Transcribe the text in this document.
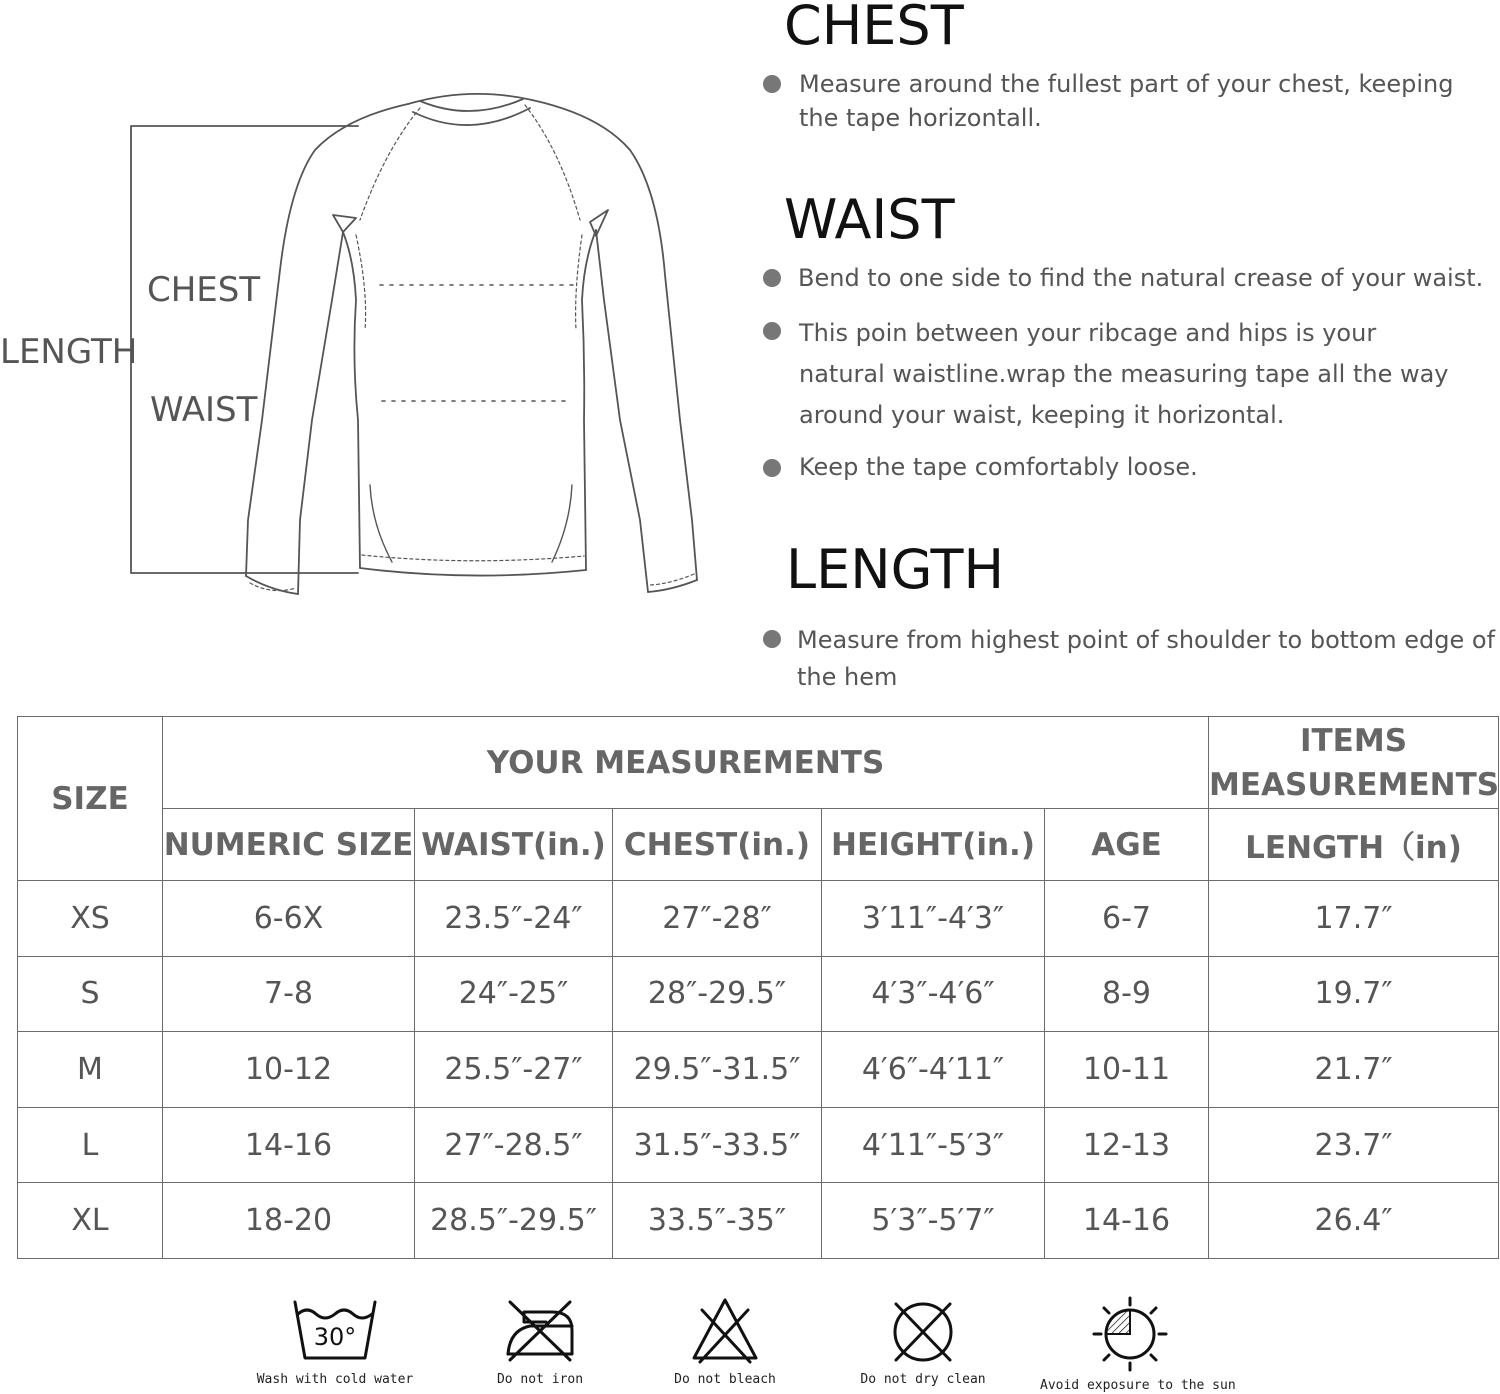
LENGTH
CHEST
WAIST
CHEST

Measure around the fullest part of your chest, keeping the tape horizontall.

WAIST

Bend to one side to find the natural crease of your waist.

This poin between your ribcage and hips is your natural waistline.wrap the measuring tape all the way around your waist, keeping it horizontal.

Keep the tape comfortably loose.

LENGTH

Measure from highest point of shoulder to bottom edge of the hem

SIZE	YOUR MEASUREMENTS					ITEMS MEASUREMENTS
	NUMERIC SIZE	WAIST(in.)	CHEST(in.)	HEIGHT(in.)	AGE	LENGTH（in)
XS	6-6X	23.5″-24″	27″-28″	3′11″-4′3″	6-7	17.7″
S	7-8	24″-25″	28″-29.5″	4′3″-4′6″	8-9	19.7″
M	10-12	25.5″-27″	29.5″-31.5″	4′6″-4′11″	10-11	21.7″
L	14-16	27″-28.5″	31.5″-33.5″	4′11″-5′3″	12-13	23.7″
XL	18-20	28.5″-29.5″	33.5″-35″	5′3″-5′7″	14-16	26.4″
30°
Wash with cold water	Do not iron	Do not bleach	Do not dry clean	Avoid exposure to the sun
